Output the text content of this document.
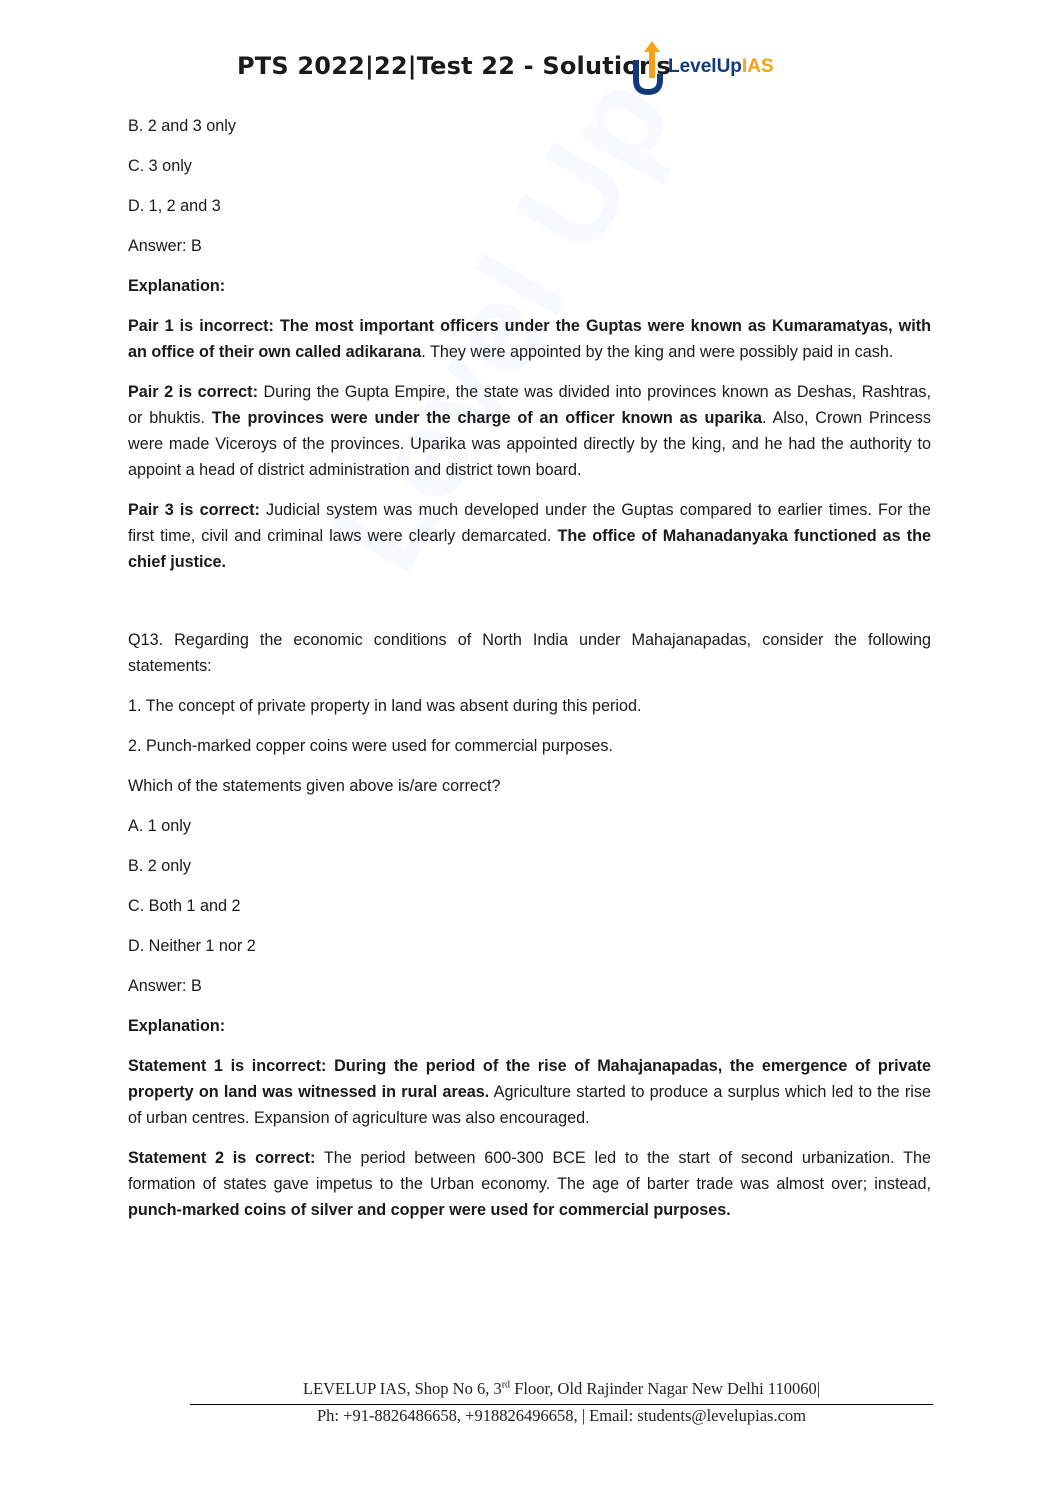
PTS 2022|22|Test 22 - Solutions
LevelUpIAS

B. 2 and 3 only

C. 3 only

D. 1, 2 and 3

Answer: B

Explanation:

Pair 1 is incorrect: The most important officers under the Guptas were known as Kumaramatyas, with an office of their own called adikarana. They were appointed by the king and were possibly paid in cash.

Pair 2 is correct: During the Gupta Empire, the state was divided into provinces known as Deshas, Rashtras, or bhuktis. The provinces were under the charge of an officer known as uparika. Also, Crown Princess were made Viceroys of the provinces. Uparika was appointed directly by the king, and he had the authority to appoint a head of district administration and district town board.

Pair 3 is correct: Judicial system was much developed under the Guptas compared to earlier times. For the first time, civil and criminal laws were clearly demarcated. The office of Mahanadanyaka functioned as the chief justice.

Q13. Regarding the economic conditions of North India under Mahajanapadas, consider the following statements:

1. The concept of private property in land was absent during this period.

2. Punch-marked copper coins were used for commercial purposes.

Which of the statements given above is/are correct?

A. 1 only

B. 2 only

C. Both 1 and 2

D. Neither 1 nor 2

Answer: B

Explanation:

Statement 1 is incorrect: During the period of the rise of Mahajanapadas, the emergence of private property on land was witnessed in rural areas. Agriculture started to produce a surplus which led to the rise of urban centres. Expansion of agriculture was also encouraged.

Statement 2 is correct: The period between 600-300 BCE led to the start of second urbanization. The formation of states gave impetus to the Urban economy. The age of barter trade was almost over; instead, punch-marked coins of silver and copper were used for commercial purposes.

LEVELUP IAS, Shop No 6, 3rd Floor, Old Rajinder Nagar New Delhi 110060|
Ph: +91-8826486658, +918826496658, | Email: students@levelupias.com
